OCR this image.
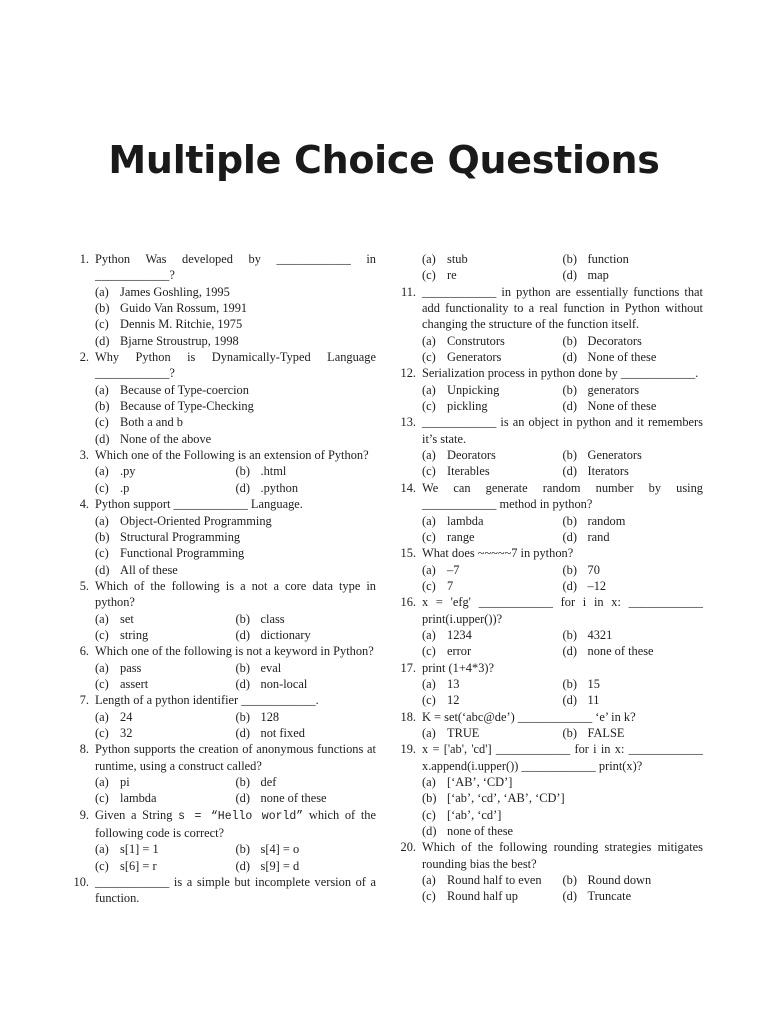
Multiple Choice Questions
1. Python Was developed by ____________ in ____________?
(a) James Goshling, 1995
(b) Guido Van Rossum, 1991
(c) Dennis M. Ritchie, 1975
(d) Bjarne Stroustrup, 1998
2. Why Python is Dynamically-Typed Language ____________?
(a) Because of Type-coercion
(b) Because of Type-Checking
(c) Both a and b
(d) None of the above
3. Which one of the Following is an extension of Python?
(a) .py	(b) .html
(c) .p	(d) .python
4. Python support ____________ Language.
(a) Object-Oriented Programming
(b) Structural Programming
(c) Functional Programming
(d) All of these
5. Which of the following is a not a core data type in python?
(a) set	(b) class
(c) string	(d) dictionary
6. Which one of the following is not a keyword in Python?
(a) pass	(b) eval
(c) assert	(d) non-local
7. Length of a python identifier ____________.
(a) 24	(b) 128
(c) 32	(d) not fixed
8. Python supports the creation of anonymous functions at runtime, using a construct called?
(a) pi	(b) def
(c) lambda	(d) none of these
9. Given a String s = “Hello world” which of the following code is correct?
(a) s[1] = 1	(b) s[4] = o
(c) s[6] = r	(d) s[9] = d
10. ____________ is a simple but incomplete version of a function.
(a) stub	(b) function
(c) re	(d) map
11. ____________ in python are essentially functions that add functionality to a real function in Python without changing the structure of the function itself.
(a) Construtors	(b) Decorators
(c) Generators	(d) None of these
12. Serialization process in python done by ____________.
(a) Unpicking	(b) generators
(c) pickling	(d) None of these
13. ____________ is an object in python and it remembers it’s state.
(a) Deorators	(b) Generators
(c) Iterables	(d) Iterators
14. We can generate random number by using ____________ method in python?
(a) lambda	(b) random
(c) range	(d) rand
15. What does ~~~~~7 in python?
(a) –7	(b) 70
(c) 7	(d) –12
16. x = 'efg' ____________ for i in x: ____________ print(i.upper())?
(a) 1234	(b) 4321
(c) error	(d) none of these
17. print (1+4*3)?
(a) 13	(b) 15
(c) 12	(d) 11
18. K = set(‘abc@de’) ____________ ‘e’ in k?
(a) TRUE	(b) FALSE
19. x = ['ab', 'cd'] ____________ for i in x: ____________ x.append(i.upper()) ____________ print(x)?
(a) [‘AB’, ‘CD’]
(b) [‘ab’, ‘cd’, ‘AB’, ‘CD’]
(c) [‘ab’, ‘cd’]
(d) none of these
20. Which of the following rounding strategies mitigates rounding bias the best?
(a) Round half to even	(b) Round down
(c) Round half up	(d) Truncate
